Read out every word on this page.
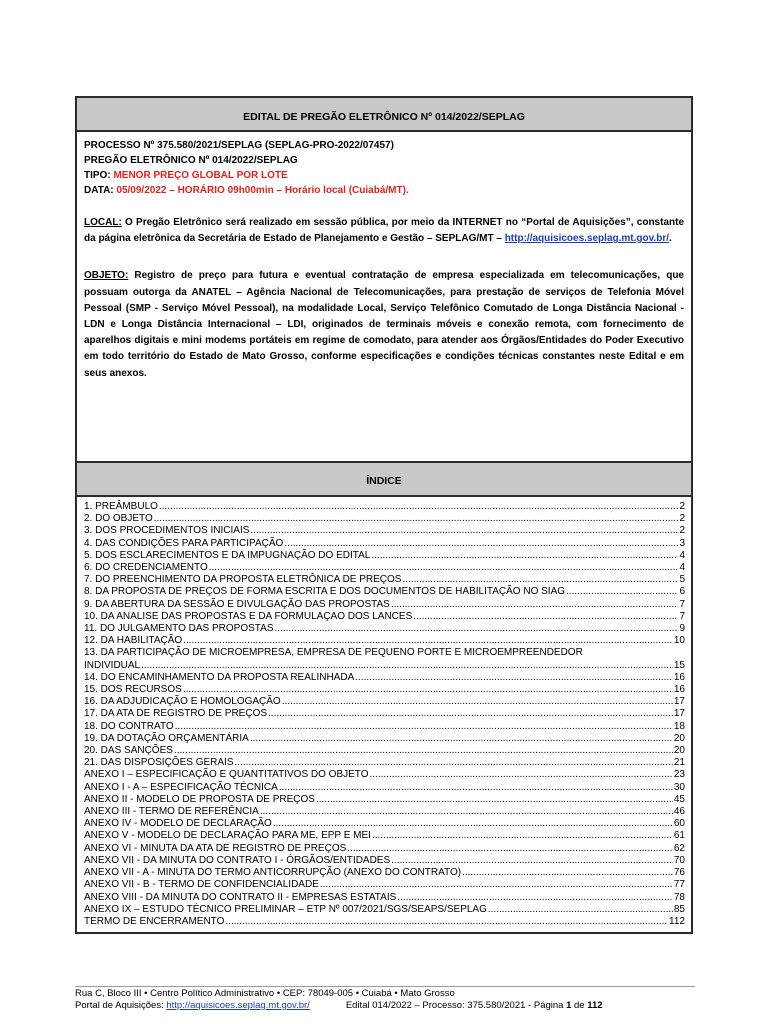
EDITAL DE PREGÃO ELETRÔNICO Nº 014/2022/SEPLAG
PROCESSO Nº 375.580/2021/SEPLAG (SEPLAG-PRO-2022/07457)
PREGÃO ELETRÔNICO Nº 014/2022/SEPLAG
TIPO: MENOR PREÇO GLOBAL POR LOTE
DATA: 05/09/2022 – HORÁRIO 09h00min – Horário local (Cuiabá/MT).

LOCAL: O Pregão Eletrônico será realizado em sessão pública, por meio da INTERNET no “Portal de Aquisições”, constante da página eletrônica da Secretária de Estado de Planejamento e Gestão – SEPLAG/MT – http://aquisicoes.seplag.mt.gov.br/.

OBJETO: Registro de preço para futura e eventual contratação de empresa especializada em telecomunicações, que possuam outorga da ANATEL – Agência Nacional de Telecomunicações, para prestação de serviços de Telefonia Móvel Pessoal (SMP - Serviço Móvel Pessoal), na modalidade Local, Serviço Telefônico Comutado de Longa Distância Nacional - LDN e Longa Distância Internacional – LDI, originados de terminais móveis e conexão remota, com fornecimento de aparelhos digitais e mini modems portáteis em regime de comodato, para atender aos Órgãos/Entidades do Poder Executivo em todo território do Estado de Mato Grosso, conforme especificações e condições técnicas constantes neste Edital e em seus anexos.

ÍNDICE
1. PREÂMBULO .....	2
2. DO OBJETO .....	2
3. DOS PROCEDIMENTOS INICIAIS .....	2
4. DAS CONDIÇÕES PARA PARTICIPAÇÃO .....	3
5. DOS ESCLARECIMENTOS E DA IMPUGNAÇÃO DO EDITAL .....	4
6. DO CREDENCIAMENTO .....	4
7. DO PREENCHIMENTO DA PROPOSTA ELETRÔNICA DE PREÇOS .....	5
8. DA PROPOSTA DE PREÇOS DE FORMA ESCRITA E DOS DOCUMENTOS DE HABILITAÇÃO NO SIAG .....	6
9. DA ABERTURA DA SESSÃO E DIVULGAÇÃO DAS PROPOSTAS .....	7
10. DA ANALISE DAS PROPOSTAS E DA FORMULAÇAO DOS LANCES .....	7
11. DO JULGAMENTO DAS PROPOSTAS .....	9
12. DA HABILITAÇÃO .....	10
13. DA PARTICIPAÇÃO DE MICROEMPRESA, EMPRESA DE PEQUENO PORTE E MICROEMPREENDEDOR
INDIVIDUAL .....	15
14. DO ENCAMINHAMENTO DA PROPOSTA REALINHADA .....	16
15. DOS RECURSOS .....	16
16. DA ADJUDICAÇÃO E HOMOLOGAÇÃO .....	17
17. DA ATA DE REGISTRO DE PREÇOS .....	17
18. DO CONTRATO .....	18
19. DA DOTAÇÃO ORÇAMENTÁRIA .....	20
20. DAS SANÇÕES .....	20
21. DAS DISPOSIÇÕES GERAIS .....	21
ANEXO I – ESPECIFICAÇÃO E QUANTITATIVOS DO OBJETO .....	23
ANEXO I - A – ESPECIFICAÇÃO TÉCNICA .....	30
ANEXO II - MODELO DE PROPOSTA DE PREÇOS .....	45
ANEXO III - TERMO DE REFERÊNCIA .....	46
ANEXO IV - MODELO DE DECLARAÇÃO .....	60
ANEXO V - MODELO DE DECLARAÇÃO PARA ME, EPP E MEI .....	61
ANEXO VI - MINUTA DA ATA DE REGISTRO DE PREÇOS .....	62
ANEXO VII - DA MINUTA DO CONTRATO I - ÓRGÃOS/ENTIDADES .....	70
ANEXO VII - A - MINUTA DO TERMO ANTICORRUPÇÃO (ANEXO DO CONTRATO) .....	76
ANEXO VII - B - TERMO DE CONFIDENCIALIDADE .....	77
ANEXO VIII - DA MINUTA DO CONTRATO II - EMPRESAS ESTATAIS .....	78
ANEXO IX – ESTUDO TÉCNICO PRELIMINAR – ETP Nº 007/2021/SGS/SEAPS/SEPLAG .....	85
TERMO DE ENCERRAMENTO .....	112
Rua C, Bloco III • Centro Político Administrativo • CEP: 78049-005 • Cuiabá • Mato Grosso
Portal de Aquisições: http://aquisicoes.seplag.mt.gov.br/	Edital 014/2022 – Processo: 375.580/2021 - Página 1 de 112
